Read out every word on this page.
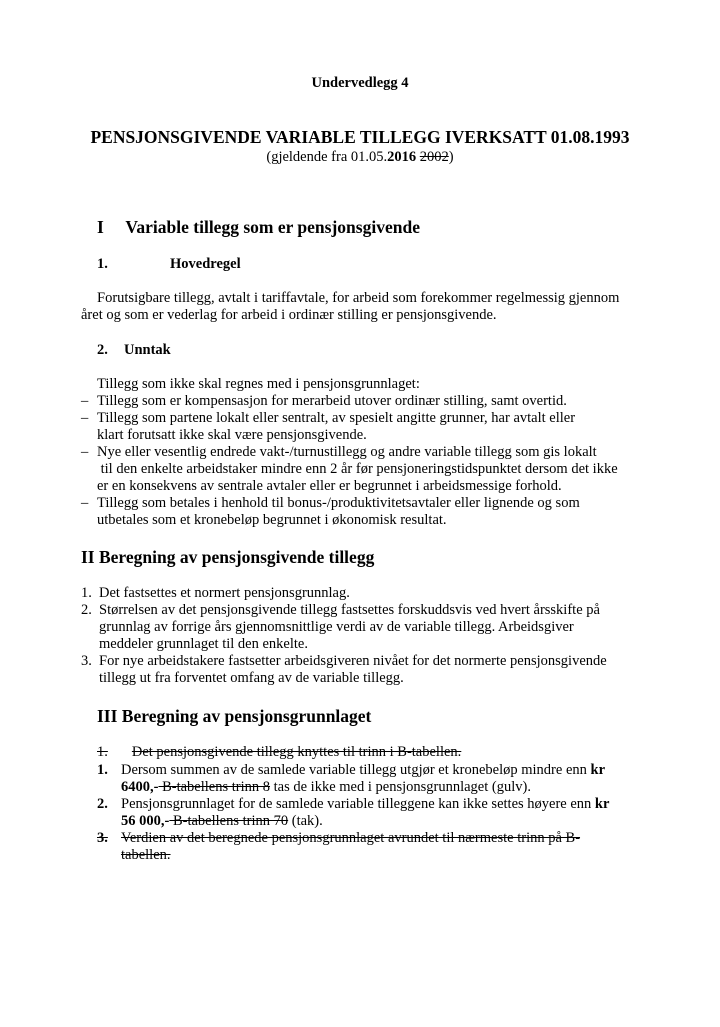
Undervedlegg 4

PENSJONSGIVENDE VARIABLE TILLEGG IVERKSATT 01.08.1993

(gjeldende fra 01.05.2016 2002)

I     Variable tillegg som er pensjonsgivende

1.	Hovedregel

Forutsigbare tillegg, avtalt i tariffavtale, for arbeid som forekommer regelmessig gjennom

året og som er vederlag for arbeid i ordinær stilling er pensjonsgivende.

2. Unntak

Tillegg som ikke skal regnes med i pensjonsgrunnlaget:

– Tillegg som er kompensasjon for merarbeid utover ordinær stilling, samt overtid.

– Tillegg som partene lokalt eller sentralt, av spesielt angitte grunner, har avtalt eller

klart forutsatt ikke skal være pensjonsgivende.

– Nye eller vesentlig endrede vakt-/turnustillegg og andre variable tillegg som gis lokalt

til den enkelte arbeidstaker mindre enn 2 år før pensjoneringstidspunktet dersom det ikke

er en konsekvens av sentrale avtaler eller er begrunnet i arbeidsmessige forhold.

– Tillegg som betales i henhold til bonus-/produktivitetsavtaler eller lignende og som

utbetales som et kronebeløp begrunnet i økonomisk resultat.

II Beregning av pensjonsgivende tillegg

1. Det fastsettes et normert pensjonsgrunnlag.

2. Størrelsen av det pensjonsgivende tillegg fastsettes forskuddsvis ved hvert årsskifte på

grunnlag av forrige års gjennomsnittlige verdi av de variable tillegg. Arbeidsgiver

meddeler grunnlaget til den enkelte.

3. For nye arbeidstakere fastsetter arbeidsgiveren nivået for det normerte pensjonsgivende

tillegg ut fra forventet omfang av de variable tillegg.

III Beregning av pensjonsgrunnlaget

1. Det pensjonsgivende tillegg knyttes til trinn i B-tabellen.

1. Dersom summen av de samlede variable tillegg utgjør et kronebeløp mindre enn kr

6400,- B-tabellens trinn 8 tas de ikke med i pensjonsgrunnlaget (gulv).

2. Pensjonsgrunnlaget for de samlede variable tilleggene kan ikke settes høyere enn kr

56 000,- B-tabellens trinn 70 (tak).

3. Verdien av det beregnede pensjonsgrunnlaget avrundet til nærmeste trinn på B-

tabellen.
